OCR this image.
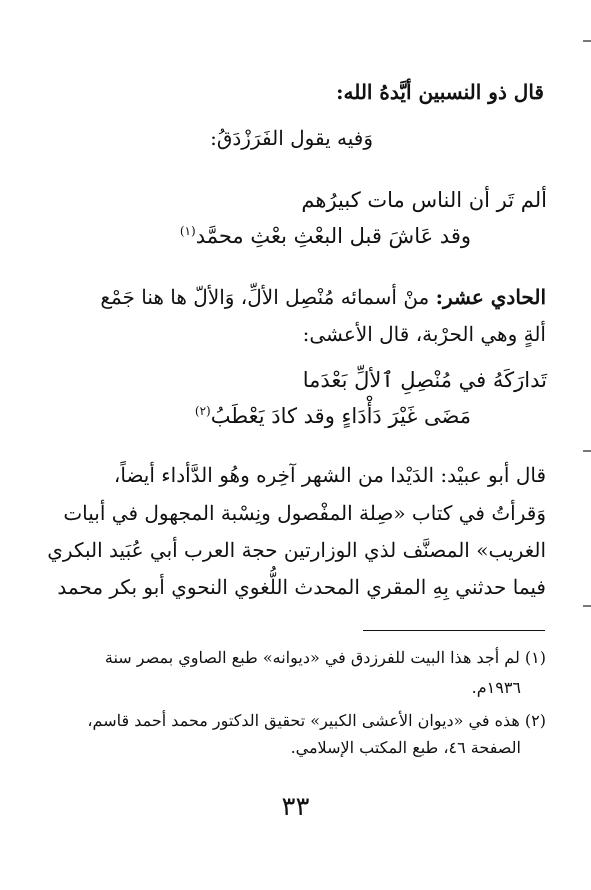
قال ذو النسبين أيَّدهُ الله:

وَفيه يقول الفَرَزْدَقُ:

ألم تَر أن الناس مات كبيرُهم

وقد عَاشَ قبل البعْثِ بعْثِ محمَّد$^{(١)}$

الحادي عشر: منْ أسمائه مُنْصِل الألِّ، وَالألّ ها هنا جَمْع

ألةٍ وهي الحرْبة، قال الأعشى:

تَدارَكَهُ في مُنْصِلِ ٱلألِّ بَعْدَما

مَضَى غَيْرَ دَأْدَاءٍ وقد كادَ يَعْطَبُ$^{(٢)}$

قال أبو عبيْد: الدَيْدا من الشهر آخِره وهُو الدَّأداء أيضاً،

وَقرأتُ في كتاب «صِلة المفْصول ونِسْبة المجهول في أبيات

الغريب» المصنَّف لذي الوزارتين حجة العرب أبي عُبَيد البكري

فيما حدثني بِهِ المقري المحدث اللُّغوي النحوي أبو بكر محمد

(١) لم أجد هذا البيت للفرزدق في «ديوانه» طبع الصاوي بمصر سنة

١٩٣٦م.

(٢) هذه في «ديوان الأعشى الكبير» تحقيق الدكتور محمد أحمد قاسم،

الصفحة ٤٦، طبع المكتب الإسلامي.

٣٣
